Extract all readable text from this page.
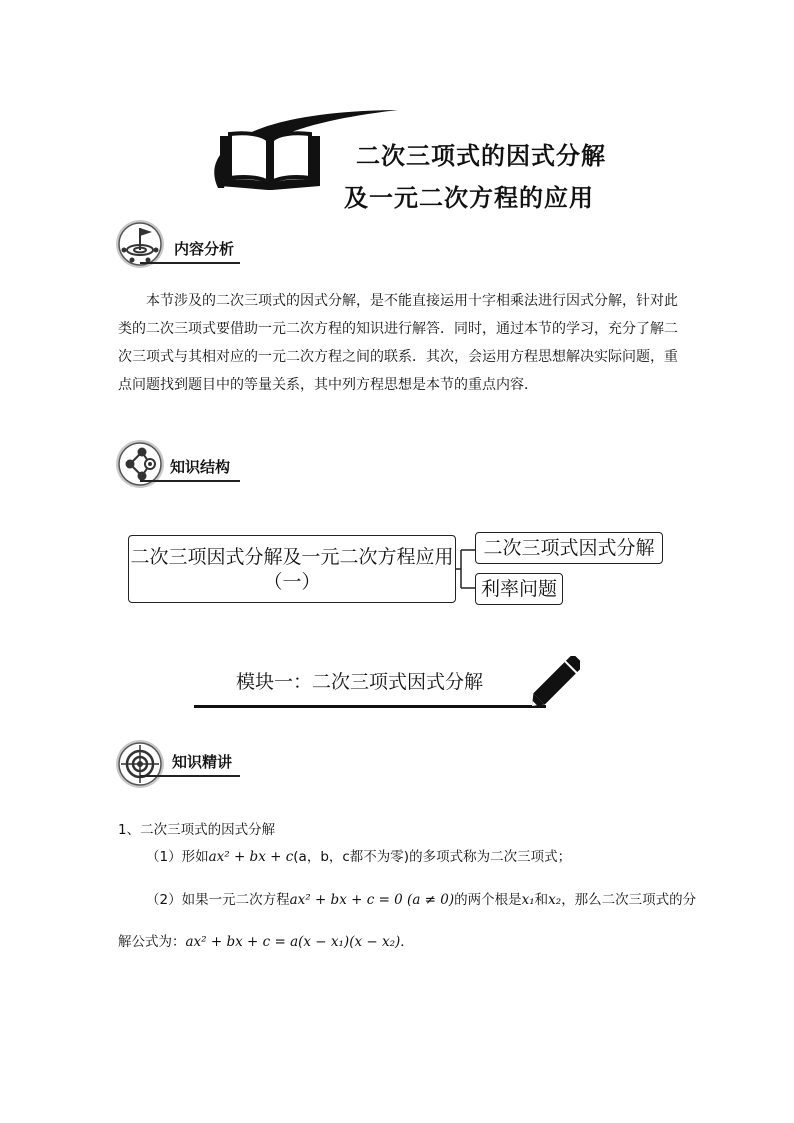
二次三项式的因式分解
及一元二次方程的应用
内容分析
本节涉及的二次三项式的因式分解，是不能直接运用十字相乘法进行因式分解，针对此类的二次三项式要借助一元二次方程的知识进行解答．同时，通过本节的学习，充分了解二次三项式与其相对应的一元二次方程之间的联系．其次，会运用方程思想解决实际问题，重点问题找到题目中的等量关系，其中列方程思想是本节的重点内容．
知识结构
二次三项因式分解及一元二次方程应用（一）
二次三项式因式分解
利率问题
模块一：二次三项式因式分解
知识精讲
1、二次三项式的因式分解
（1）形如ax² + bx + c(a，b，c都不为零)的多项式称为二次三项式；
（2）如果一元二次方程ax² + bx + c = 0 (a ≠ 0)的两个根是x₁和x₂，那么二次三项式的分
解公式为：ax² + bx + c = a(x − x₁)(x − x₂)．
